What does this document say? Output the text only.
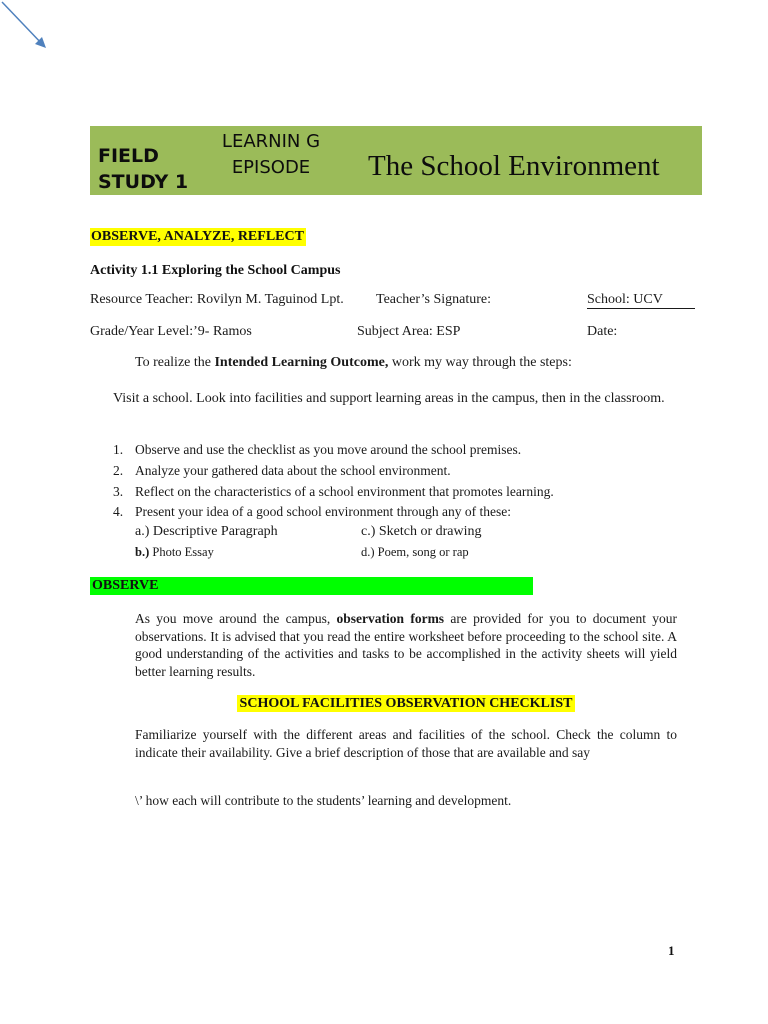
FIELD STUDY 1
LEARNIN G EPISODE	The School Environment
OBSERVE, ANALYZE, REFLECT
Activity 1.1 Exploring the School Campus
Resource Teacher: Rovilyn M. Taguinod Lpt. Teacher’s Signature:	School: UCV
Grade/Year Level:’9- Ramos	Subject Area: ESP	Date:
To realize the Intended Learning Outcome, work my way through the steps:
Visit a school. Look into facilities and support learning areas in the campus, then in the classroom.
1. Observe and use the checklist as you move around the school premises.
2. Analyze your gathered data about the school environment.
3. Reflect on the characteristics of a school environment that promotes learning.
4. Present your idea of a good school environment through any of these:
a.) Descriptive Paragraph	c.) Sketch or drawing
b.) Photo Essay	d.) Poem, song or rap
OBSERVE
As you move around the campus, observation forms are provided for you to document your observations. It is advised that you read the entire worksheet before proceeding to the school site. A good understanding of the activities and tasks to be accomplished in the activity sheets will yield better learning results.
SCHOOL FACILITIES OBSERVATION CHECKLIST
Familiarize yourself with the different areas and facilities of the school. Check the column to indicate their availability. Give a brief description of those that are available and say
\’ how each will contribute to the students’ learning and development.
1
